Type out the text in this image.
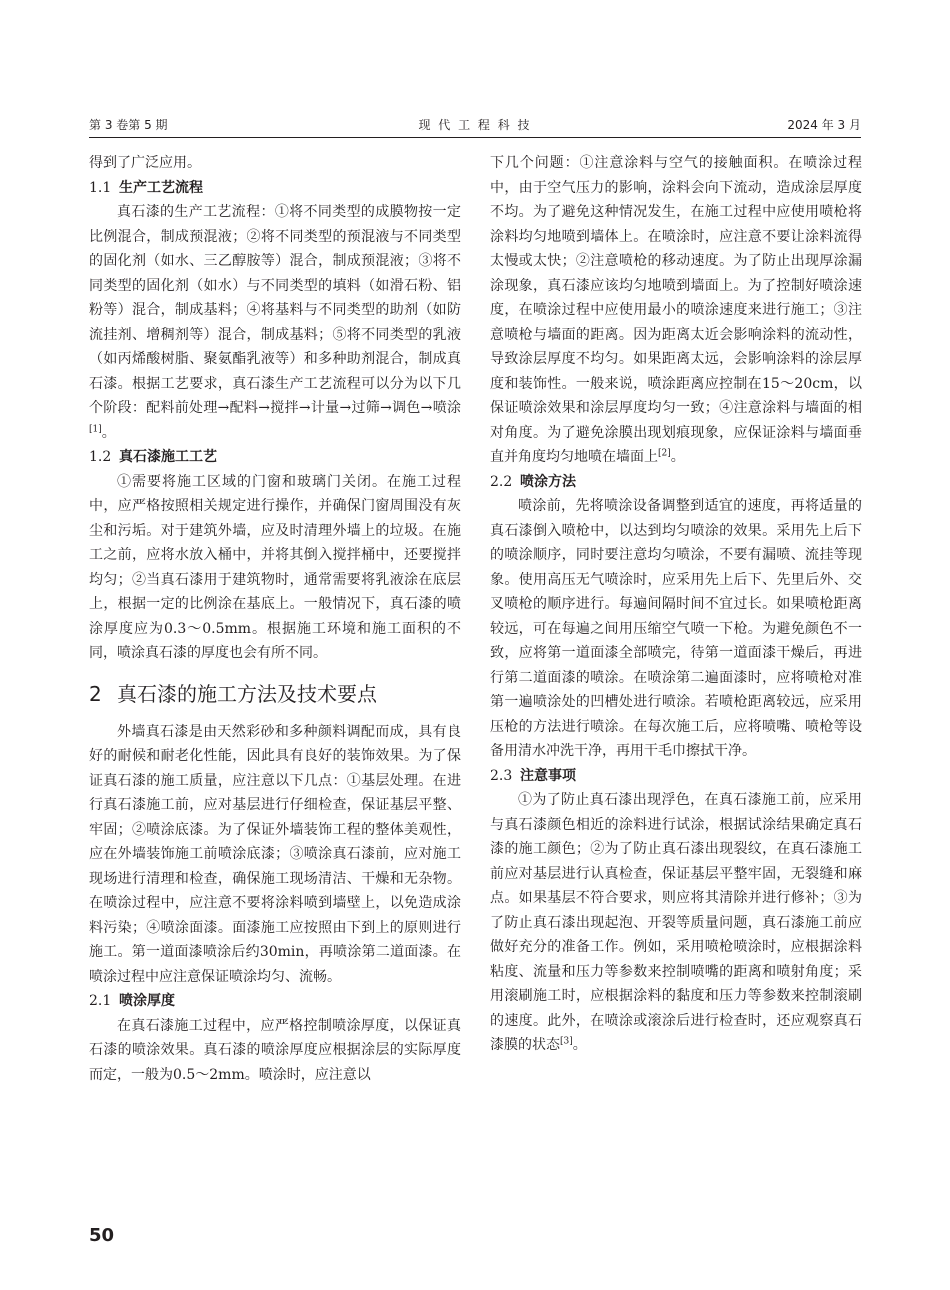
第 3 卷第 5 期	现 代 工 程 科 技	2024 年 3 月

得到了广泛应用。

1.1 生产工艺流程

真石漆的生产工艺流程：①将不同类型的成膜物按一定比例混合，制成预混液；②将不同类型的预混液与不同类型的固化剂（如水、三乙醇胺等）混合，制成预混液；③将不同类型的固化剂（如水）与不同类型的填料（如滑石粉、铝粉等）混合，制成基料；④将基料与不同类型的助剂（如防流挂剂、增稠剂等）混合，制成基料；⑤将不同类型的乳液（如丙烯酸树脂、聚氨酯乳液等）和多种助剂混合，制成真石漆。根据工艺要求，真石漆生产工艺流程可以分为以下几个阶段：配料前处理→配料→搅拌→计量→过筛→调色→喷涂[1]。

1.2 真石漆施工工艺

①需要将施工区域的门窗和玻璃门关闭。在施工过程中，应严格按照相关规定进行操作，并确保门窗周围没有灰尘和污垢。对于建筑外墙，应及时清理外墙上的垃圾。在施工之前，应将水放入桶中，并将其倒入搅拌桶中，还要搅拌均匀；②当真石漆用于建筑物时，通常需要将乳液涂在底层上，根据一定的比例涂在基底上。一般情况下，真石漆的喷涂厚度应为0.3～0.5mm。根据施工环境和施工面积的不同，喷涂真石漆的厚度也会有所不同。

2 真石漆的施工方法及技术要点

外墙真石漆是由天然彩砂和多种颜料调配而成，具有良好的耐候和耐老化性能，因此具有良好的装饰效果。为了保证真石漆的施工质量，应注意以下几点：①基层处理。在进行真石漆施工前，应对基层进行仔细检查，保证基层平整、牢固；②喷涂底漆。为了保证外墙装饰工程的整体美观性，应在外墙装饰施工前喷涂底漆；③喷涂真石漆前，应对施工现场进行清理和检查，确保施工现场清洁、干燥和无杂物。在喷涂过程中，应注意不要将涂料喷到墙壁上，以免造成涂料污染；④喷涂面漆。面漆施工应按照由下到上的原则进行施工。第一道面漆喷涂后约30min，再喷涂第二道面漆。在喷涂过程中应注意保证喷涂均匀、流畅。

2.1 喷涂厚度

在真石漆施工过程中，应严格控制喷涂厚度，以保证真石漆的喷涂效果。真石漆的喷涂厚度应根据涂层的实际厚度而定，一般为0.5～2mm。喷涂时，应注意以

下几个问题：①注意涂料与空气的接触面积。在喷涂过程中，由于空气压力的影响，涂料会向下流动，造成涂层厚度不均。为了避免这种情况发生，在施工过程中应使用喷枪将涂料均匀地喷到墙体上。在喷涂时，应注意不要让涂料流得太慢或太快；②注意喷枪的移动速度。为了防止出现厚涂漏涂现象，真石漆应该均匀地喷到墙面上。为了控制好喷涂速度，在喷涂过程中应使用最小的喷涂速度来进行施工；③注意喷枪与墙面的距离。因为距离太近会影响涂料的流动性，导致涂层厚度不均匀。如果距离太远，会影响涂料的涂层厚度和装饰性。一般来说，喷涂距离应控制在15～20cm，以保证喷涂效果和涂层厚度均匀一致；④注意涂料与墙面的相对角度。为了避免涂膜出现划痕现象，应保证涂料与墙面垂直并角度均匀地喷在墙面上[2]。

2.2 喷涂方法

喷涂前，先将喷涂设备调整到适宜的速度，再将适量的真石漆倒入喷枪中，以达到均匀喷涂的效果。采用先上后下的喷涂顺序，同时要注意均匀喷涂，不要有漏喷、流挂等现象。使用高压无气喷涂时，应采用先上后下、先里后外、交叉喷枪的顺序进行。每遍间隔时间不宜过长。如果喷枪距离较远，可在每遍之间用压缩空气喷一下枪。为避免颜色不一致，应将第一道面漆全部喷完，待第一道面漆干燥后，再进行第二道面漆的喷涂。在喷涂第二遍面漆时，应将喷枪对准第一遍喷涂处的凹槽处进行喷涂。若喷枪距离较远，应采用压枪的方法进行喷涂。在每次施工后，应将喷嘴、喷枪等设备用清水冲洗干净，再用干毛巾擦拭干净。

2.3 注意事项

①为了防止真石漆出现浮色，在真石漆施工前，应采用与真石漆颜色相近的涂料进行试涂，根据试涂结果确定真石漆的施工颜色；②为了防止真石漆出现裂纹，在真石漆施工前应对基层进行认真检查，保证基层平整牢固，无裂缝和麻点。如果基层不符合要求，则应将其清除并进行修补；③为了防止真石漆出现起泡、开裂等质量问题，真石漆施工前应做好充分的准备工作。例如，采用喷枪喷涂时，应根据涂料粘度、流量和压力等参数来控制喷嘴的距离和喷射角度；采用滚刷施工时，应根据涂料的黏度和压力等参数来控制滚刷的速度。此外，在喷涂或滚涂后进行检查时，还应观察真石漆膜的状态[3]。

50
